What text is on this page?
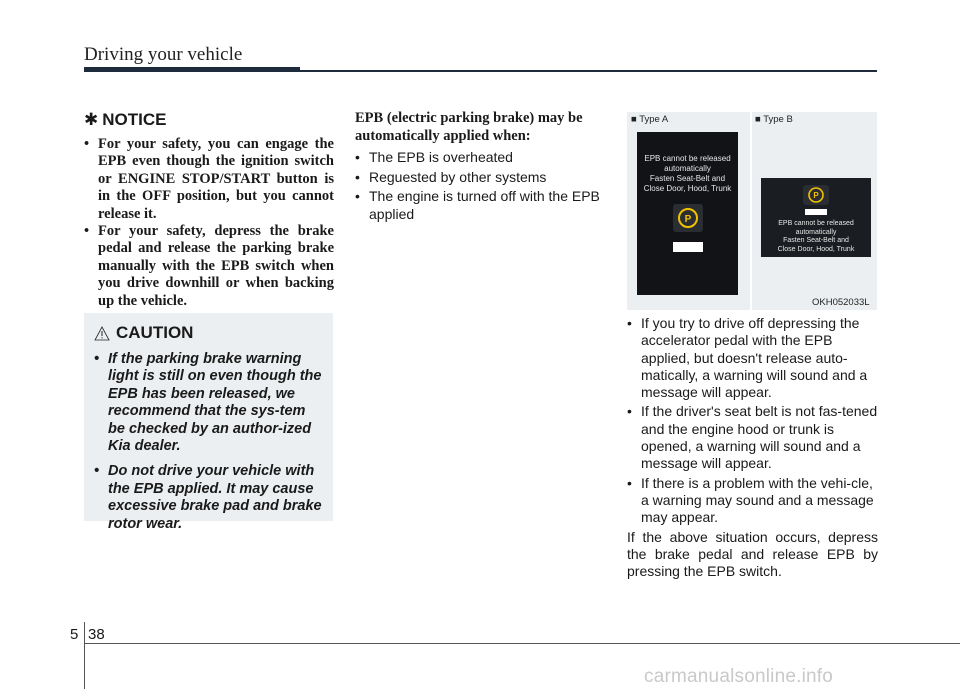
Driving your vehicle
✱ NOTICE
• For your safety, you can engage the EPB even though the ignition switch or ENGINE STOP/START button is in the OFF position, but you cannot release it.
• For your safety, depress the brake pedal and release the parking brake manually with the EPB switch when you drive downhill or when backing up the vehicle.
CAUTION
• If the parking brake warning light is still on even though the EPB has been released, we recommend that the sys-tem be checked by an author-ized Kia dealer.
• Do not drive your vehicle with the EPB applied. It may cause excessive brake pad and brake rotor wear.
EPB (electric parking brake) may be automatically applied when:
• The EPB is overheated
• Reguested by other systems
• The engine is turned off with the EPB applied
■ Type A	■ Type B
EPB cannot be released
automatically
Fasten Seat-Belt and
Close Door, Hood, Trunk
P
P
EPB cannot be released
automatically
Fasten Seat-Belt and
Close Door, Hood, Trunk
OKH052033L
• If you try to drive off depressing the accelerator pedal with the EPB applied, but doesn't release auto-matically, a warning will sound and a message will appear.
• If the driver's seat belt is not fas-tened and the engine hood or trunk is opened, a warning will sound and a message will appear.
• If there is a problem with the vehi-cle, a warning may sound and a message may appear.
If the above situation occurs, depress the brake pedal and release EPB by pressing the EPB switch.
5 38
carmanualsonline.info
